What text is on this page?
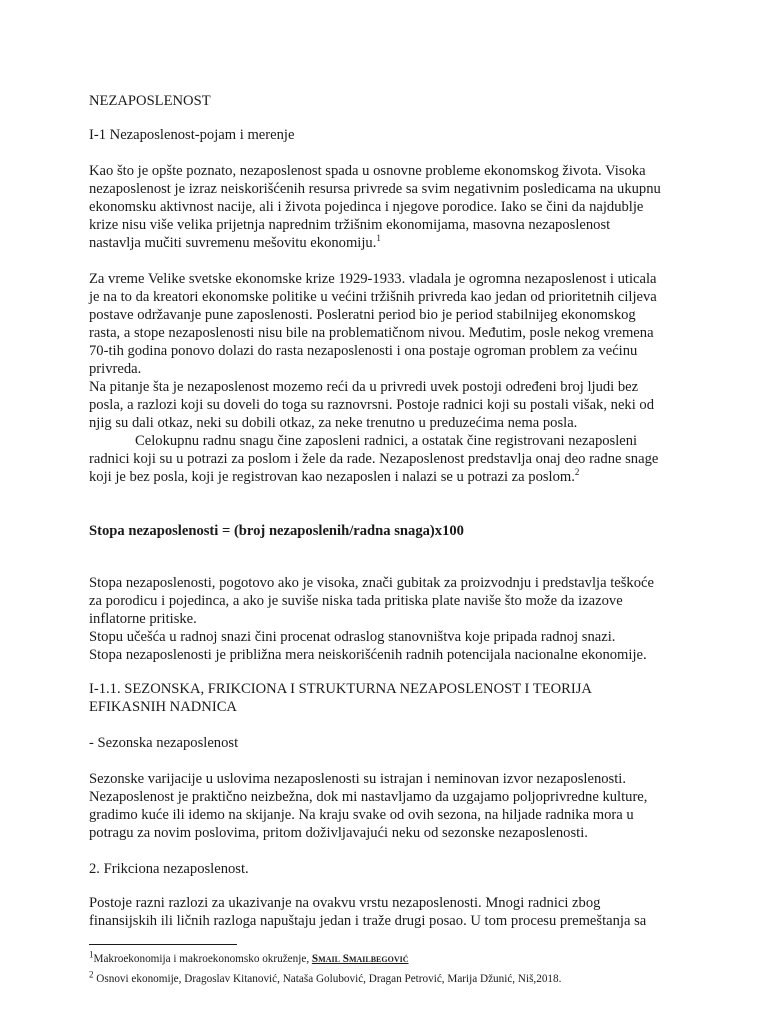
NEZAPOSLENOST
I-1 Nezaposlenost-pojam i merenje
Kao što je opšte poznato, nezaposlenost spada u osnovne probleme ekonomskog života. Visoka
nezaposlenost je izraz neiskorišćenih resursa privrede sa svim negativnim posledicama na ukupnu
ekonomsku aktivnost nacije, ali i života pojedinca i njegove porodice. Iako se čini da najdublje
krize nisu više velika prijetnja naprednim tržišnim ekonomijama, masovna nezaposlenost
nastavlja mučiti suvremenu mešovitu ekonomiju.$^1$
Za vreme Velike svetske ekonomske krize 1929-1933. vladala je ogromna nezaposlenost i uticala
je na to da kreatori ekonomske politike u većini tržišnih privreda kao jedan od prioritetnih ciljeva
postave održavanje pune zaposlenosti. Posleratni period bio je period stabilnijeg ekonomskog
rasta, a stope nezaposlenosti nisu bile na problematičnom nivou. Međutim, posle nekog vremena
70-tih godina ponovo dolazi do rasta nezaposlenosti i ona postaje ogroman problem za većinu
privreda.
Na pitanje šta je nezaposlenost mozemo reći da u privredi uvek postoji određeni broj ljudi bez
posla, a razlozi koji su doveli do toga su raznovrsni. Postoje radnici koji su postali višak, neki od
njig su dali otkaz, neki su dobili otkaz, za neke trenutno u preduzećima nema posla.
Celokupnu radnu snagu čine zaposleni radnici, a ostatak čine registrovani nezaposleni
radnici koji su u potrazi za poslom i žele da rade. Nezaposlenost predstavlja onaj deo radne snage
koji je bez posla, koji je registrovan kao nezaposlen i nalazi se u potrazi za poslom.$^2$
Stopa nezaposlenosti = (broj nezaposlenih/radna snaga)x100
Stopa nezaposlenosti, pogotovo ako je visoka, znači gubitak za proizvodnju i predstavlja teškoće
za porodicu i pojedinca, a ako je suviše niska tada pritiska plate naviše što može da izazove
inflatorne pritiske.
Stopu učešća u radnoj snazi čini procenat odraslog stanovništva koje pripada radnoj snazi.
Stopa nezaposlenosti je približna mera neiskorišćenih radnih potencijala nacionalne ekonomije.
I-1.1. SEZONSKA, FRIKCIONA I STRUKTURNA NEZAPOSLENOST I TEORIJA
EFIKASNIH NADNICA
- Sezonska nezaposlenost
Sezonske varijacije u uslovima nezaposlenosti su istrajan i neminovan izvor nezaposlenosti.
Nezaposlenost je praktično neizbežna, dok mi nastavljamo da uzgajamo poljoprivredne kulture,
gradimo kuće ili idemo na skijanje. Na kraju svake od ovih sezona, na hiljade radnika mora u
potragu za novim poslovima, pritom doživljavajući neku od sezonske nezaposlenosti.
2. Frikciona nezaposlenost.
Postoje razni razlozi za ukazivanje na ovakvu vrstu nezaposlenosti. Mnogi radnici zbog
finansijskih ili ličnih razloga napuštaju jedan i traže drugi posao. U tom procesu premeštanja sa
$^1$Makroekonomija i makroekonomsko okruženje, Smail Smailbegović
$^2$ Osnovi ekonomije, Dragoslav Kitanović, Nataša Golubović, Dragan Petrović, Marija Džunić, Niš,2018.
